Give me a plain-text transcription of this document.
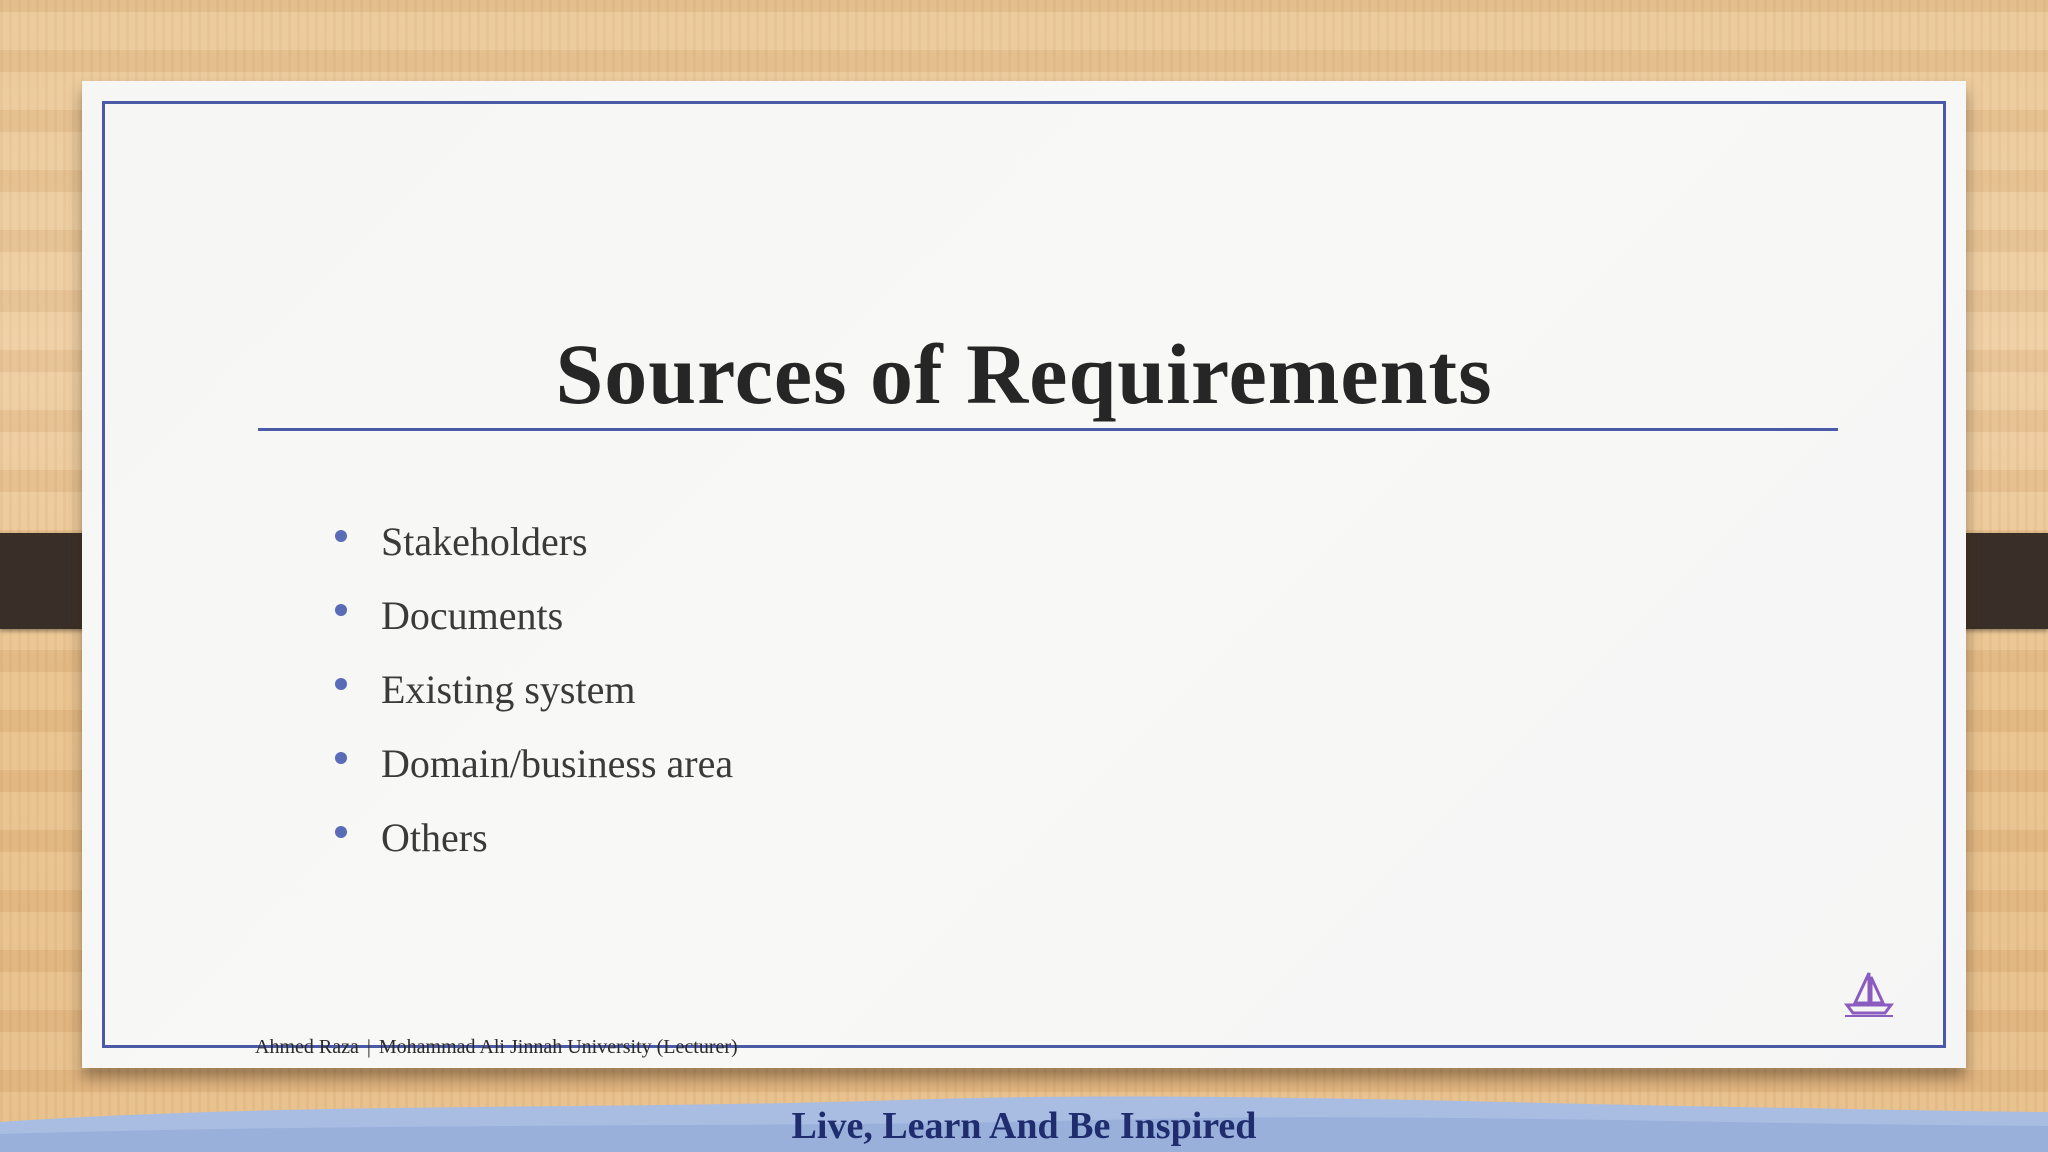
Sources of Requirements
Stakeholders
Documents
Existing system
Domain/business area
Others
Ahmed Raza | Mohammad Ali Jinnah University (Lecturer)
Live, Learn And Be Inspired
